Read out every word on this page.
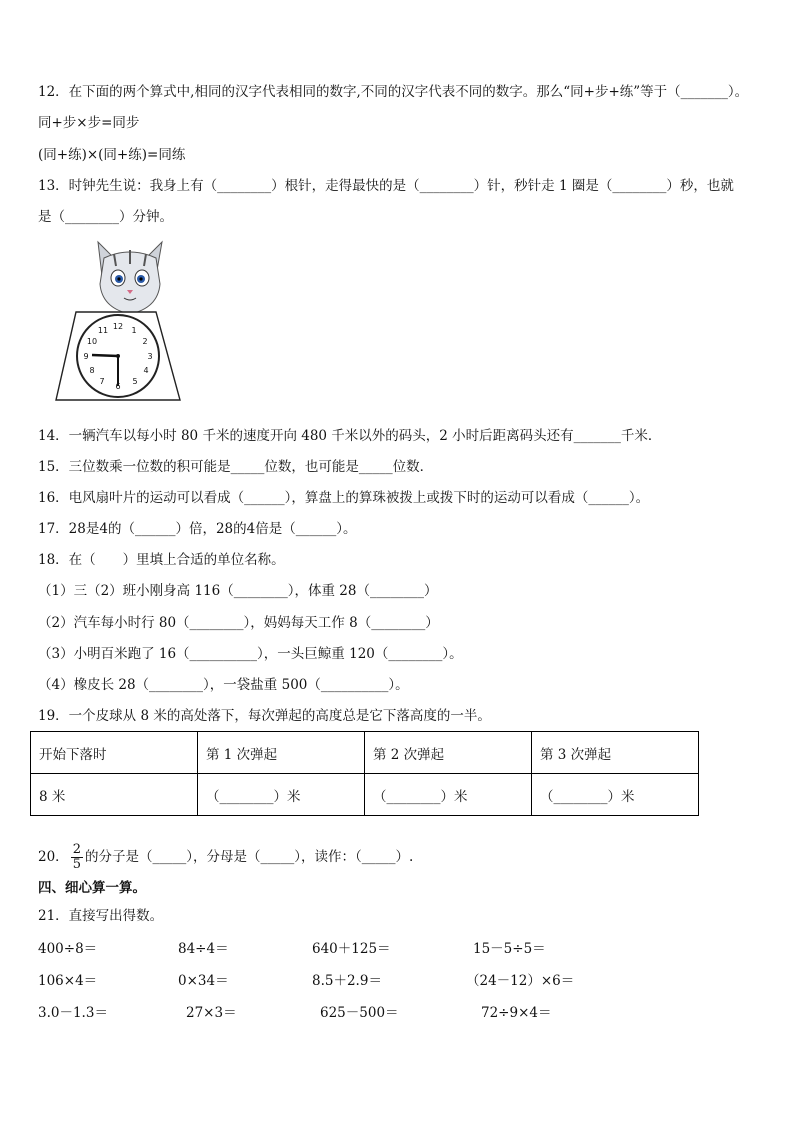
12．在下面的两个算式中,相同的汉字代表相同的数字,不同的汉字代表不同的数字。那么“同+步+练”等于（_______）。
同+步×步=同步
(同+练)×(同+练)=同练
13．时钟先生说：我身上有（________）根针，走得最快的是（________）针，秒针走 1 圈是（________）秒，也就
是（________）分钟。
12 1
2
3
4
5
6
7
8
9
10
11
14．一辆汽车以每小时 80 千米的速度开向 480 千米以外的码头，2 小时后距离码头还有_______千米．
15．三位数乘一位数的积可能是_____位数，也可能是_____位数．
16．电风扇叶片的运动可以看成（______），算盘上的算珠被拨上或拨下时的运动可以看成（______）。
17．28是4的（______）倍，28的4倍是（______）。
18．在（　　）里填上合适的单位名称。
（1）三（2）班小刚身高 116（________），体重 28（________）
（2）汽车每小时行 80（________），妈妈每天工作 8（________）
（3）小明百米跑了 16（__________），一头巨鲸重 120（________）。
（4）橡皮长 28（________），一袋盐重 500（__________）。
19．一个皮球从 8 米的高处落下，每次弹起的高度总是它下落高度的一半。
开始下落时	第 1 次弹起	第 2 次弹起	第 3 次弹起
8 米	（________）米	（________）米	（________）米
20． $\frac{2}{5}$ 的分子是（_____），分母是（_____），读作：（_____）.
四、细心算一算。
21．直接写出得数。
400÷8＝	84÷4＝	640＋125＝	15－5÷5＝
106×4＝	0×34＝	8.5＋2.9＝	（24－12）×6＝
3.0－1.3＝	27×3＝	625－500＝	72÷9×4＝
